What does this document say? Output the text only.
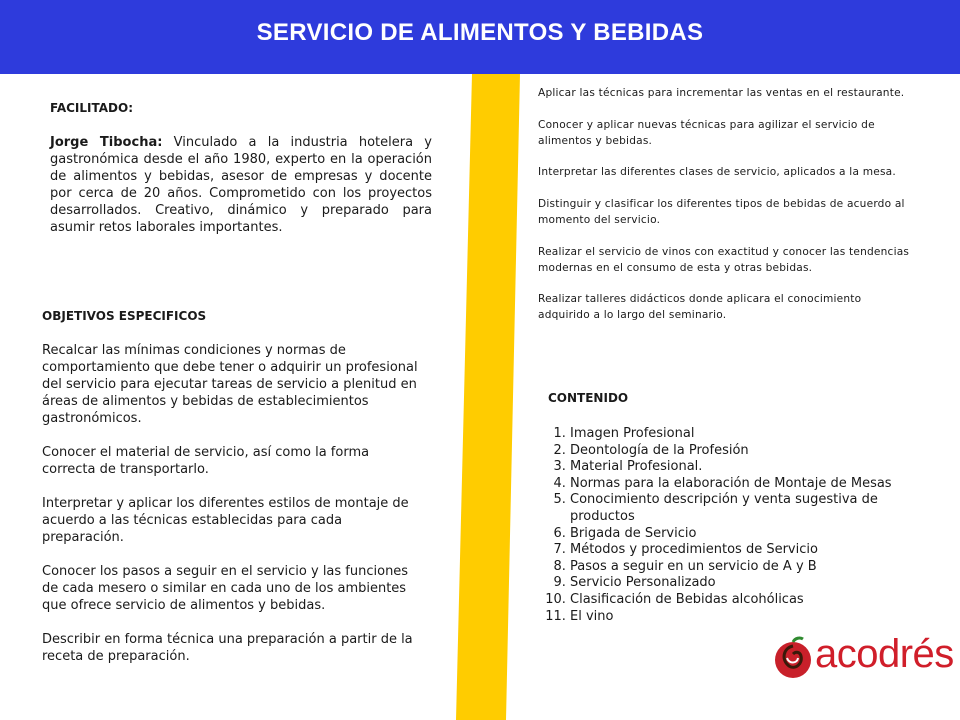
SERVICIO DE ALIMENTOS Y BEBIDAS

FACILITADO:

Jorge Tibocha: Vinculado a la industria hotelera y gastronómica desde el año 1980, experto en la operación de alimentos y bebidas, asesor de empresas y docente por cerca de 20 años. Comprometido con los proyectos desarrollados. Creativo, dinámico y preparado para asumir retos laborales importantes.

OBJETIVOS ESPECIFICOS

Recalcar las mínimas condiciones y normas de comportamiento que debe tener o adquirir un profesional del servicio para ejecutar tareas de servicio a plenitud en áreas de alimentos y bebidas de establecimientos gastronómicos.

Conocer el material de servicio, así como la forma correcta de transportarlo.

Interpretar y aplicar los diferentes estilos de montaje de acuerdo a las técnicas establecidas para cada preparación.

Conocer los pasos a seguir en el servicio y las funciones de cada mesero o similar en cada uno de los ambientes que ofrece servicio de alimentos y bebidas.

Describir en forma técnica una preparación a partir de la receta de preparación.

Aplicar las técnicas para incrementar las ventas en el restaurante.

Conocer y aplicar nuevas técnicas para agilizar el servicio de alimentos y bebidas.

Interpretar las diferentes clases de servicio, aplicados a la mesa.

Distinguir y clasificar los diferentes tipos de bebidas de acuerdo al momento del servicio.

Realizar el servicio de vinos con exactitud y conocer las tendencias modernas en el consumo de esta y otras bebidas.

Realizar talleres didácticos donde aplicara el conocimiento adquirido a lo largo del seminario.

CONTENIDO

1. Imagen Profesional
2. Deontología de la Profesión
3. Material Profesional.
4. Normas para la elaboración de Montaje de Mesas
5. Conocimiento descripción y venta sugestiva de productos
6. Brigada de Servicio
7. Métodos y procedimientos de Servicio
8. Pasos a seguir en un servicio de A y B
9. Servicio Personalizado
10. Clasificación de Bebidas alcohólicas
11. El vino
acodrés
